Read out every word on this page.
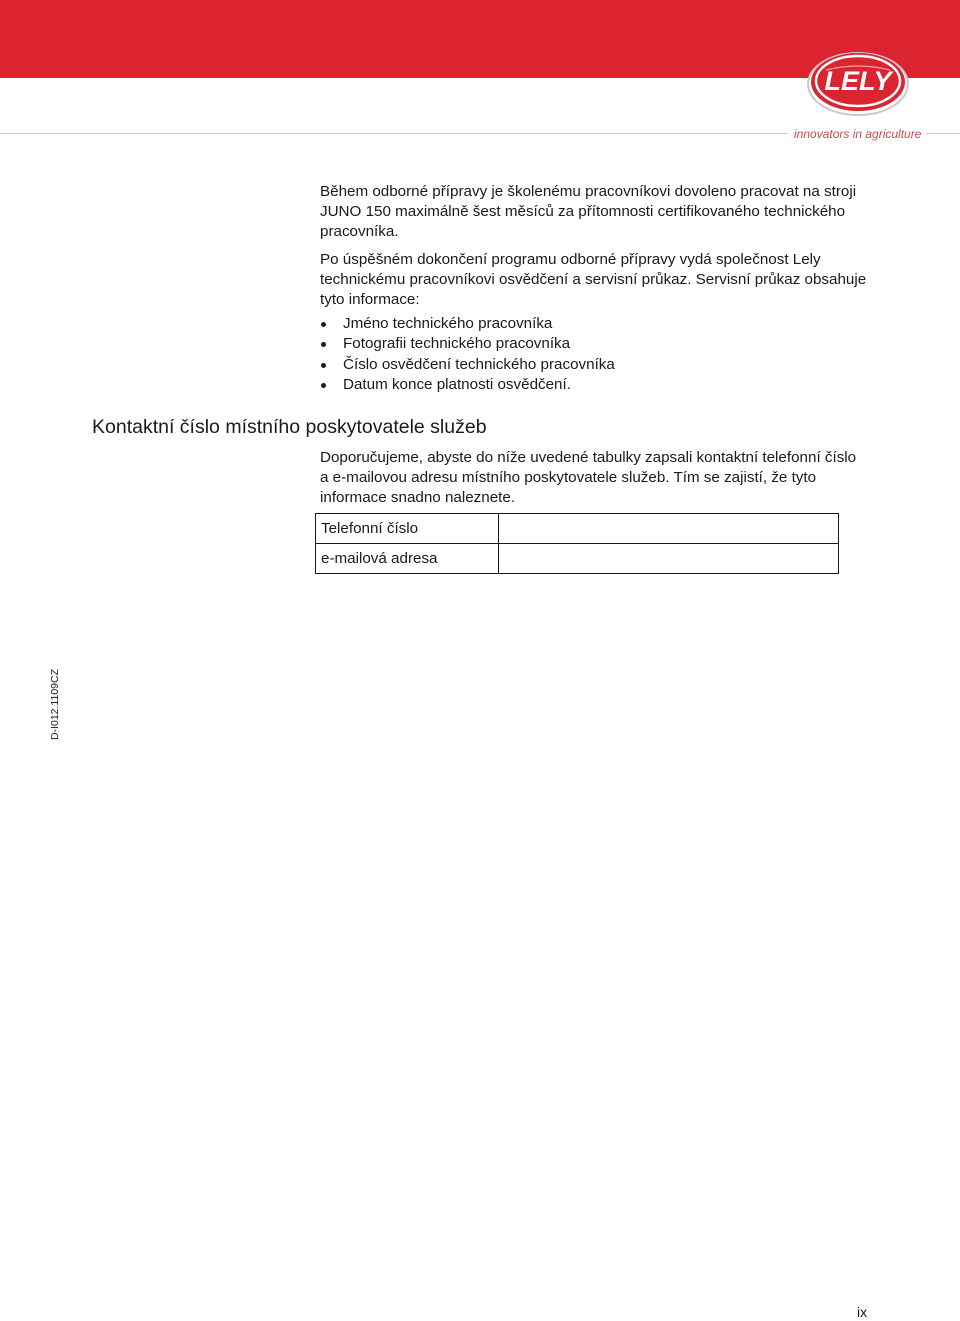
LELY
innovators in agriculture

Během odborné přípravy je školenému pracovníkovi dovoleno pracovat na stroji JUNO 150 maximálně šest měsíců za přítomnosti certifikovaného technického pracovníka.

Po úspěšném dokončení programu odborné přípravy vydá společnost Lely technickému pracovníkovi osvědčení a servisní průkaz. Servisní průkaz obsahuje tyto informace:

Jméno technického pracovníka
Fotografii technického pracovníka
Číslo osvědčení technického pracovníka
Datum konce platnosti osvědčení.
Kontaktní číslo místního poskytovatele služeb

Doporučujeme, abyste do níže uvedené tabulky zapsali kontaktní telefonní číslo a e-mailovou adresu místního poskytovatele služeb. Tím se zajistí, že tyto informace snadno naleznete.

Telefonní číslo	
e-mailová adresa	
D-I012.1109CZ
ix
